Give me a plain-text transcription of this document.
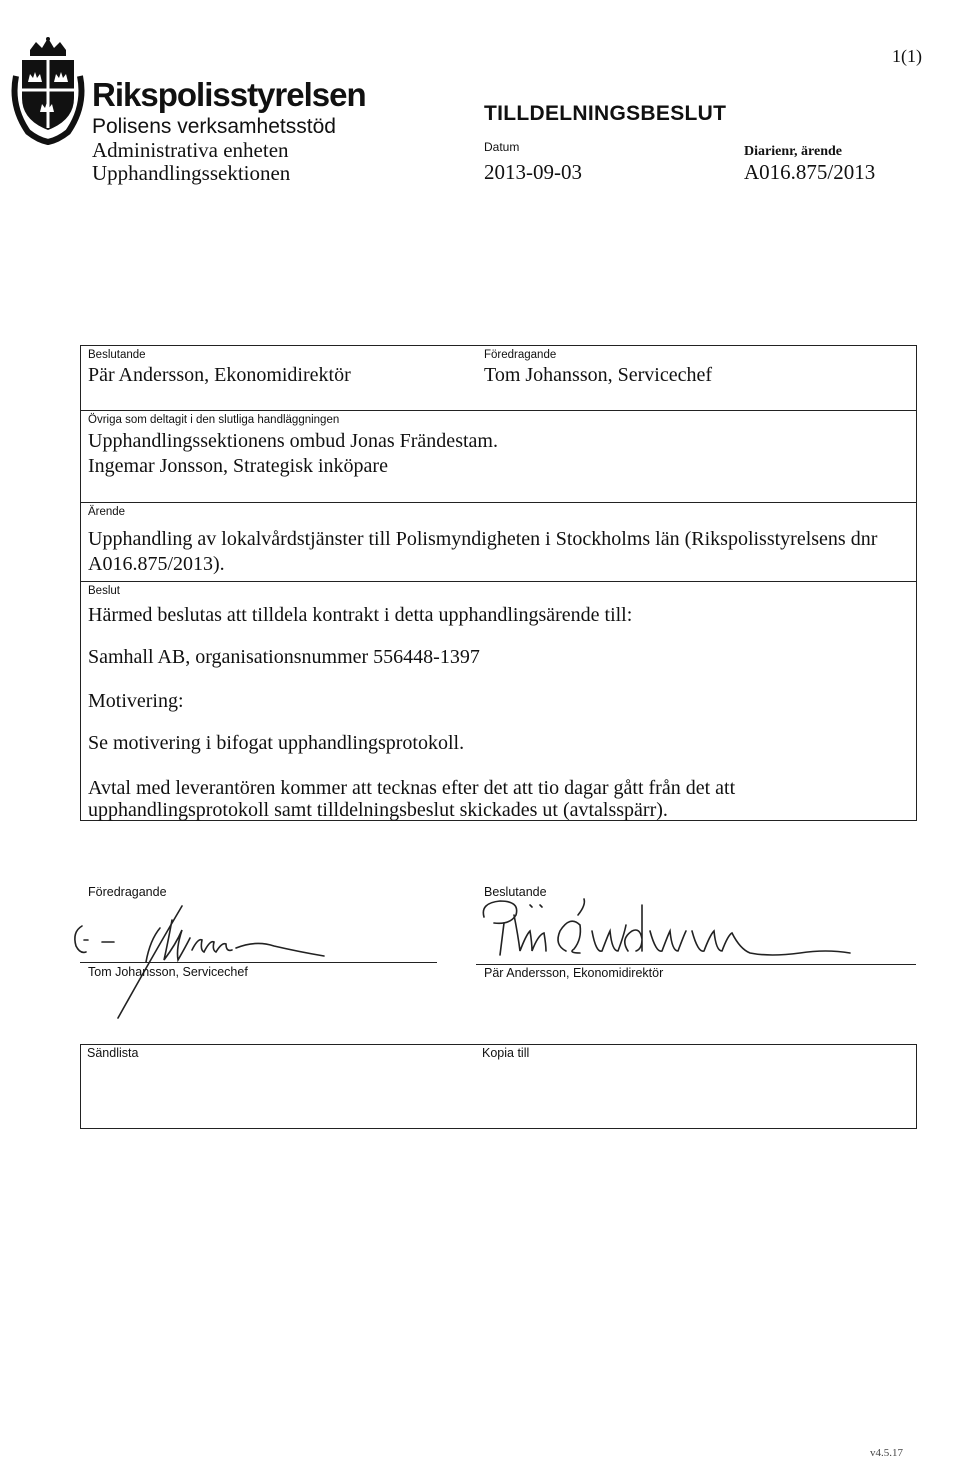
1(1)
Rikspolisstyrelsen
Polisens verksamhetsstöd
Administrativa enheten
Upphandlingssektionen
TILLDELNINGSBESLUT
Datum
2013-09-03
Diarienr, ärende
A016.875/2013
Beslutande
Pär Andersson, Ekonomidirektör
Föredragande
Tom Johansson, Servicechef
Övriga som deltagit i den slutliga handläggningen
Upphandlingssektionens ombud Jonas Frändestam.
Ingemar Jonsson, Strategisk inköpare
Ärende
Upphandling av lokalvårdstjänster till Polismyndigheten i Stockholms län (Rikspolisstyrelsens dnr A016.875/2013).
Beslut
Härmed beslutas att tilldela kontrakt i detta upphandlingsärende till:
Samhall AB, organisationsnummer 556448-1397
Motivering:
Se motivering i bifogat upphandlingsprotokoll.
Avtal med leverantören kommer att tecknas efter det att tio dagar gått från det att upphandlingsprotokoll samt tilldelningsbeslut skickades ut (avtalsspärr).
Föredragande	Beslutande
Tom Johansson, Servicechef	Pär Andersson, Ekonomidirektör
Sändlista	Kopia till
v4.5.17
